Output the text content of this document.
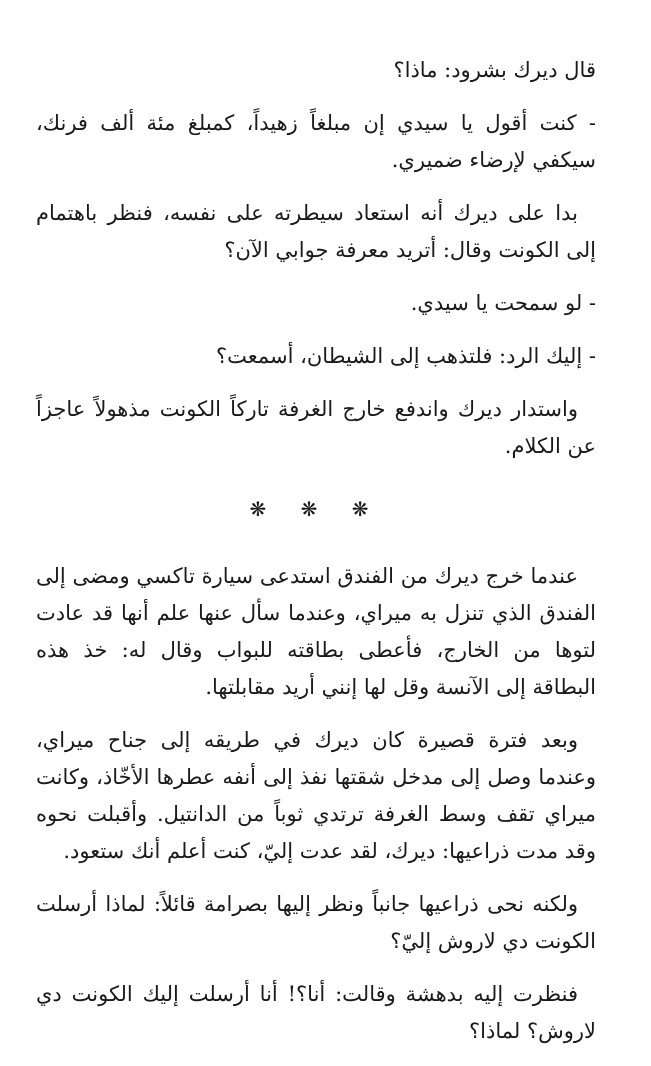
قال ديرك بشرود: ماذا؟

- كنت أقول يا سيدي إن مبلغاً زهيداً، كمبلغ مئة ألف فرنك، سيكفي لإرضاء ضميري.

بدا على ديرك أنه استعاد سيطرته على نفسه، فنظر باهتمام إلى الكونت وقال: أتريد معرفة جوابي الآن؟

- لو سمحت يا سيدي.

- إليك الرد: فلتذهب إلى الشيطان، أسمعت؟

واستدار ديرك واندفع خارج الغرفة تاركاً الكونت مذهولاً عاجزاً عن الكلام.

❋ ❋ ❋

عندما خرج ديرك من الفندق استدعى سيارة تاكسي ومضى إلى الفندق الذي تنزل به ميراي، وعندما سأل عنها علم أنها قد عادت لتوها من الخارج، فأعطى بطاقته للبواب وقال له: خذ هذه البطاقة إلى الآنسة وقل لها إنني أريد مقابلتها.

وبعد فترة قصيرة كان ديرك في طريقه إلى جناح ميراي، وعندما وصل إلى مدخل شقتها نفذ إلى أنفه عطرها الأخّاذ، وكانت ميراي تقف وسط الغرفة ترتدي ثوباً من الدانتيل. وأقبلت نحوه وقد مدت ذراعيها: ديرك، لقد عدت إليّ، كنت أعلم أنك ستعود.

ولكنه نحى ذراعيها جانباً ونظر إليها بصرامة قائلاً: لماذا أرسلت الكونت دي لاروش إليّ؟

فنظرت إليه بدهشة وقالت: أنا؟! أنا أرسلت إليك الكونت دي لاروش؟ لماذا؟
